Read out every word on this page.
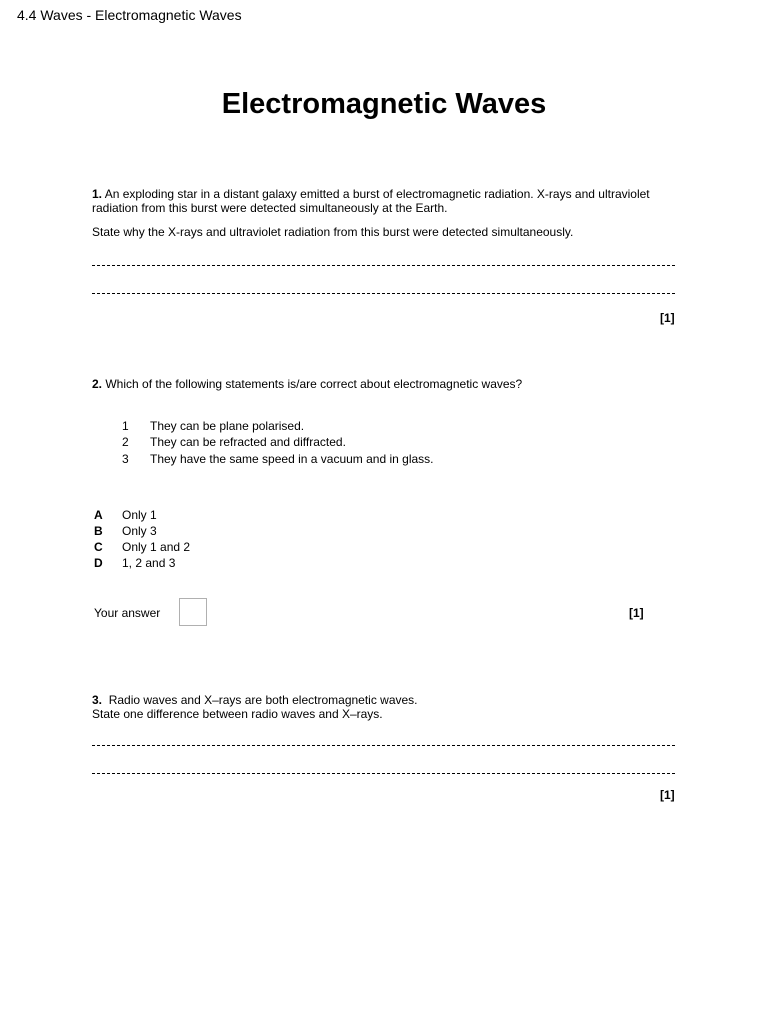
4.4 Waves - Electromagnetic Waves
Electromagnetic Waves
1. An exploding star in a distant galaxy emitted a burst of electromagnetic radiation. X-rays and ultraviolet radiation from this burst were detected simultaneously at the Earth.
State why the X-rays and ultraviolet radiation from this burst were detected simultaneously.
[1]
2. Which of the following statements is/are correct about electromagnetic waves?
1 They can be plane polarised.
2 They can be refracted and diffracted.
3 They have the same speed in a vacuum and in glass.
A Only 1
B Only 3
C Only 1 and 2
D 1, 2 and 3
Your answer	[1]
3. Radio waves and X–rays are both electromagnetic waves.
State one difference between radio waves and X–rays.
[1]
